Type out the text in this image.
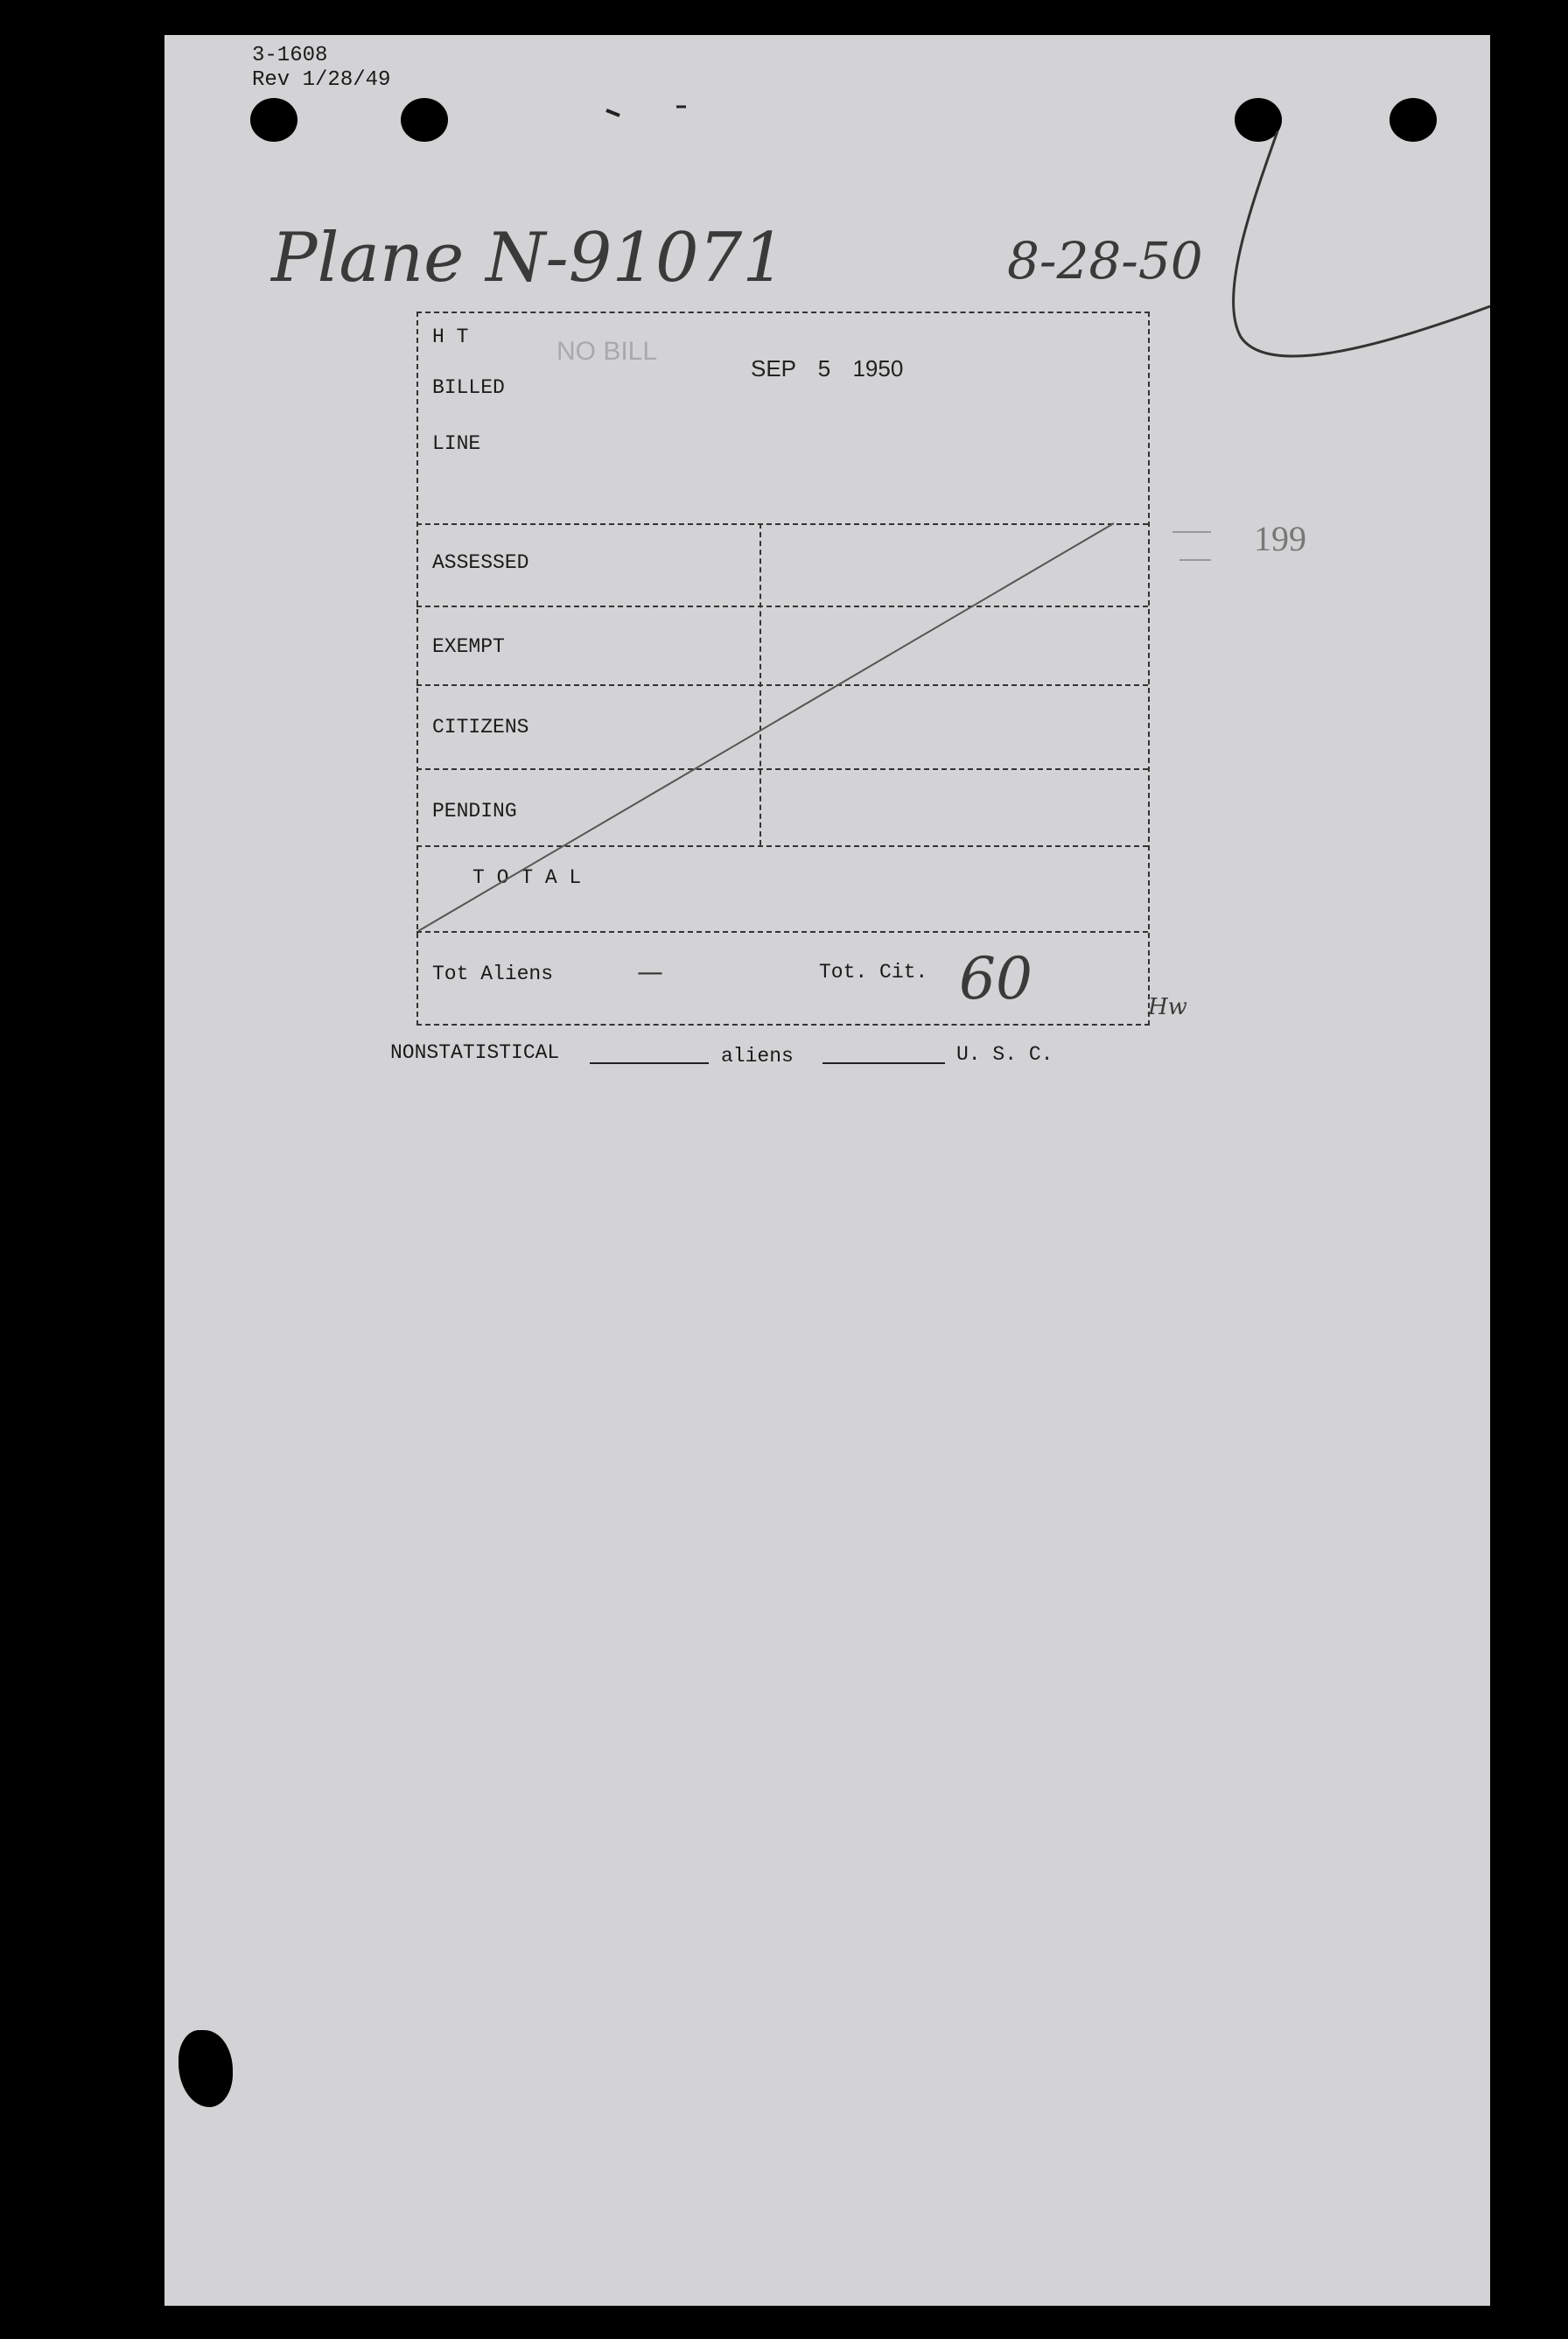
3-1608
Rev 1/28/49
Plane N-91071	8-28-50
NO BILL
SEP 5 1950
199
H T
BILLED
LINE
ASSESSED
EXEMPT
CITIZENS
PENDING
T O T A L
Tot Aliens	—	Tot. Cit. 60	Hw
NONSTATISTICAL	aliens	U. S. C.
